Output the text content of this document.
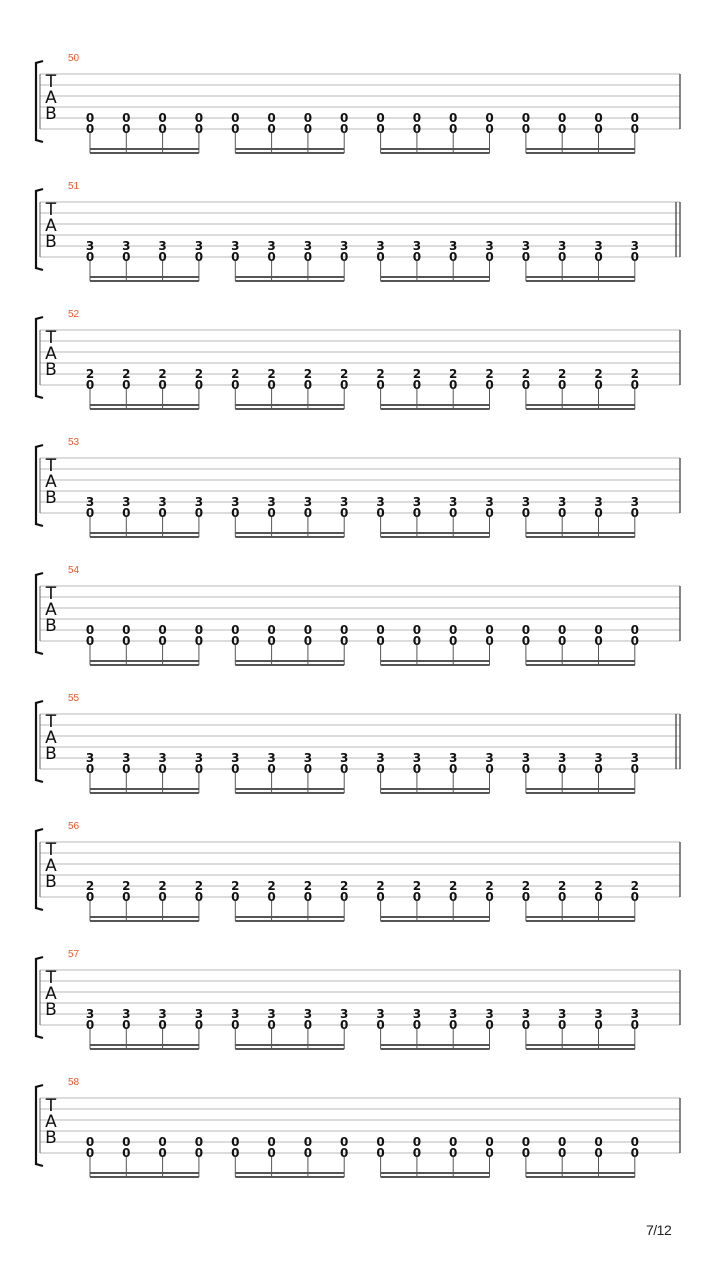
50
51
52
53
54
55
56
57
58
T
A
B 0
0
0
0
0
0
0
0
0
0
0
0
0
0
0
0
0
0
0
0
0
0
0
0
0
0
0
0
0
0
0
0
T
A
B 3
0
3
0
3
0
3
0
3
0
3
0
3
0
3
0
3
0
3
0
3
0
3
0
3
0
3
0
3
0
3
0
T
A
B 2
0
2
0
2
0
2
0
2
0
2
0
2
0
2
0
2
0
2
0
2
0
2
0
2
0
2
0
2
0
2
0
T
A
B 3
0
3
0
3
0
3
0
3
0
3
0
3
0
3
0
3
0
3
0
3
0
3
0
3
0
3
0
3
0
3
0
T
A
B 0
0
0
0
0
0
0
0
0
0
0
0
0
0
0
0
0
0
0
0
0
0
0
0
0
0
0
0
0
0
0
0
T
A
B 3
0
3
0
3
0
3
0
3
0
3
0
3
0
3
0
3
0
3
0
3
0
3
0
3
0
3
0
3
0
3
0
T
A
B 2
0
2
0
2
0
2
0
2
0
2
0
2
0
2
0
2
0
2
0
2
0
2
0
2
0
2
0
2
0
2
0
T
A
B 3
0
3
0
3
0
3
0
3
0
3
0
3
0
3
0
3
0
3
0
3
0
3
0
3
0
3
0
3
0
3
0
T
A
B 0
0
0
0
0
0
0
0
0
0
0
0
0
0
0
0
0
0
0
0
0
0
0
0
0
0
0
0
0
0
0
0
7/12
